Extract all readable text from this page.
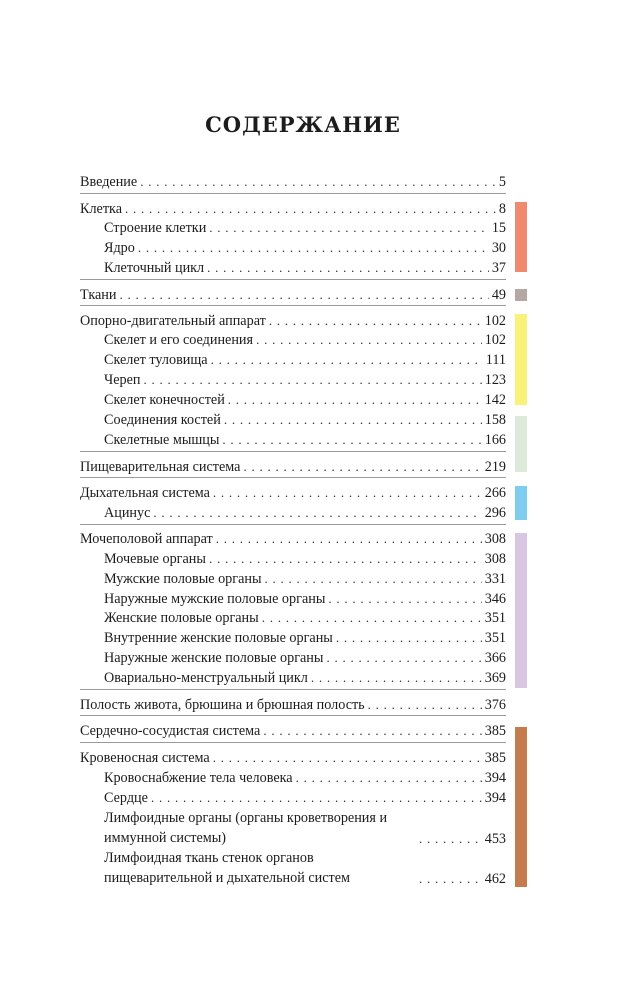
СОДЕРЖАНИЕ
Введение . . .	5
Клетка . . .	8
Строение клетки . . .	15
Ядро . . .	30
Клеточный цикл . . .	37
Ткани . . .	49
Опорно-двигательный аппарат . . .	102
Скелет и его соединения . . .	102
Скелет туловища . . .	111
Череп . . .	123
Скелет конечностей . . .	142
Соединения костей . . .	158
Скелетные мышцы . . .	166
Пищеварительная система . . .	219
Дыхательная система . . .	266
Ацинус . . .	296
Мочеполовой аппарат . . .	308
Мочевые органы . . .	308
Мужские половые органы . . .	331
Наружные мужские половые органы . . .	346
Женские половые органы . . .	351
Внутренние женские половые органы . . .	351
Наружные женские половые органы . . .	366
Овариально-менструальный цикл . . .	369
Полость живота, брюшина и брюшная полость . . .	376
Сердечно-сосудистая система . . .	385
Кровеносная система . . .	385
Кровоснабжение тела человека . . .	394
Сердце . . .	394
Лимфоидные органы (органы кроветворения и иммунной системы) . . .	453
Лимфоидная ткань стенок органов пищеварительной и дыхательной систем . . .	462
